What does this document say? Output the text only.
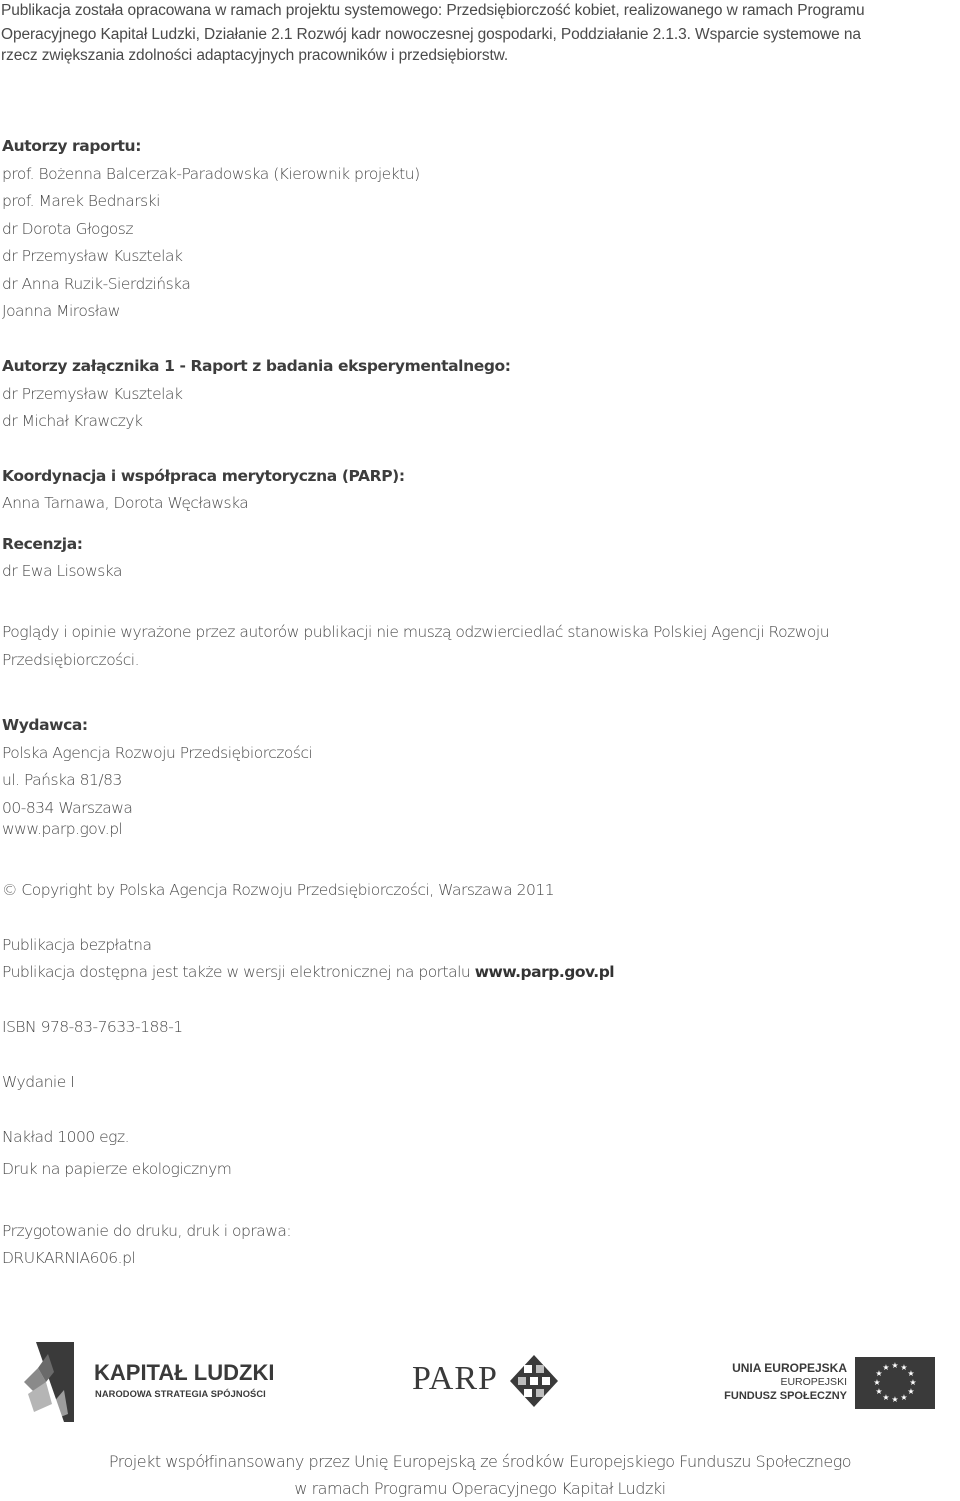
Publikacja została opracowana w ramach projektu systemowego: Przedsiębiorczość kobiet, realizowanego w ramach Programu
Operacyjnego Kapitał Ludzki, Działanie 2.1 Rozwój kadr nowoczesnej gospodarki, Poddziałanie 2.1.3. Wsparcie systemowe na
rzecz zwiększania zdolności adaptacyjnych pracowników i przedsiębiorstw.
Autorzy raportu:
prof. Bożenna Balcerzak-Paradowska (Kierownik projektu)
prof. Marek Bednarski
dr Dorota Głogosz
dr Przemysław Kusztelak
dr Anna Ruzik-Sierdzińska
Joanna Mirosław
Autorzy załącznika 1 - Raport z badania eksperymentalnego:
dr Przemysław Kusztelak
dr Michał Krawczyk
Koordynacja i współpraca merytoryczna (PARP):
Anna Tarnawa, Dorota Węcławska
Recenzja:
dr Ewa Lisowska
Poglądy i opinie wyrażone przez autorów publikacji nie muszą odzwierciedlać stanowiska Polskiej Agencji Rozwoju
Przedsiębiorczości.
Wydawca:
Polska Agencja Rozwoju Przedsiębiorczości
ul. Pańska 81/83
00-834 Warszawa
www.parp.gov.pl
© Copyright by Polska Agencja Rozwoju Przedsiębiorczości, Warszawa 2011
Publikacja bezpłatna
Publikacja dostępna jest także w wersji elektronicznej na portalu www.parp.gov.pl
ISBN 978-83-7633-188-1
Wydanie I
Nakład 1000 egz.
Druk na papierze ekologicznym
Przygotowanie do druku, druk i oprawa:
DRUKARNIA606.pl
KAPITAŁ LUDZKI
NARODOWA STRATEGIA SPÓJNOŚCI	PARP	UNIA EUROPEJSKA
EUROPEJSKI
FUNDUSZ SPOŁECZNY
★ ★
★
★
★
★
★
★
★
★
★
★
Projekt współfinansowany przez Unię Europejską ze środków Europejskiego Funduszu Społecznego
w ramach Programu Operacyjnego Kapitał Ludzki
